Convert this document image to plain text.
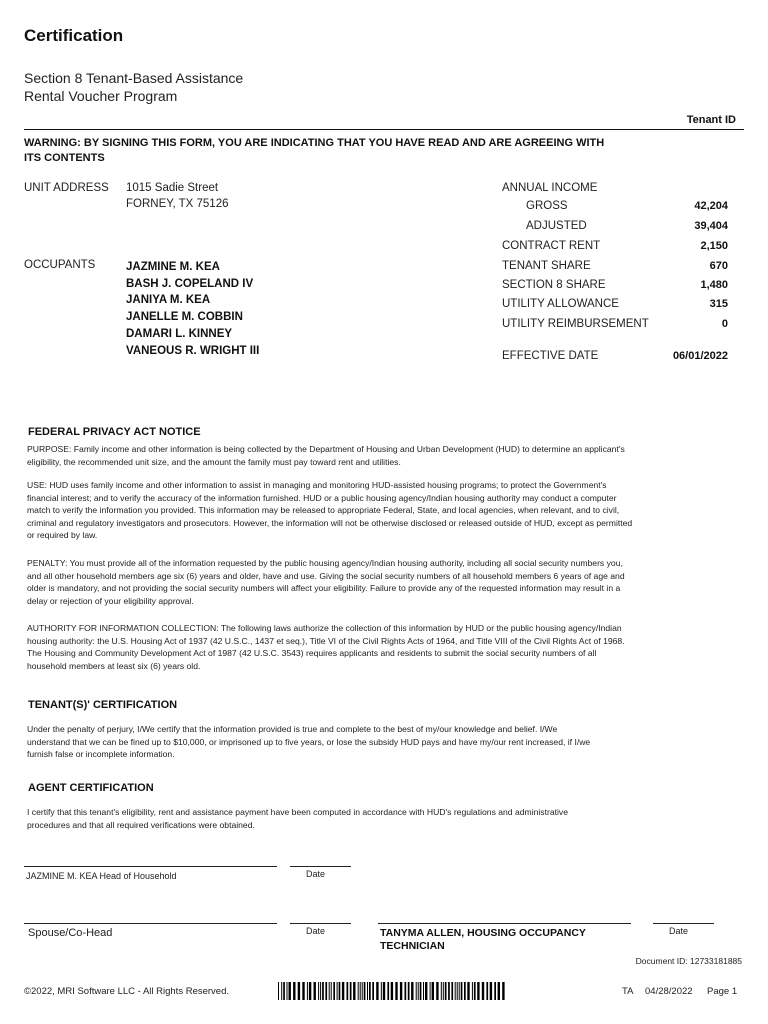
Certification
Section 8 Tenant-Based Assistance
Rental Voucher Program
Tenant ID
WARNING: BY SIGNING THIS FORM, YOU ARE INDICATING THAT YOU HAVE READ AND ARE AGREEING WITH ITS CONTENTS
UNIT ADDRESS 1015 Sadie Street
FORNEY, TX 75126
OCCUPANTS	JAZMINE M. KEA
BASH J. COPELAND IV
JANIYA M. KEA
JANELLE M. COBBIN
DAMARI L. KINNEY
VANEOUS R. WRIGHT III
ANNUAL INCOME
GROSS	42,204
ADJUSTED	39,404
CONTRACT RENT	2,150
TENANT SHARE	670
SECTION 8 SHARE	1,480
UTILITY ALLOWANCE	315
UTILITY REIMBURSEMENT	0
EFFECTIVE DATE	06/01/2022
FEDERAL PRIVACY ACT NOTICE
PURPOSE: Family income and other information is being collected by the Department of Housing and Urban Development (HUD) to determine an applicant's eligibility, the recommended unit size, and the amount the family must pay toward rent and utilities.
USE: HUD uses family income and other information to assist in managing and monitoring HUD-assisted housing programs; to protect the Government's financial interest; and to verify the accuracy of the information furnished. HUD or a public housing agency/Indian housing authority may conduct a computer match to verify the information you provided. This information may be released to appropriate Federal, State, and local agencies, when relevant, and to civil, criminal and regulatory investigators and prosecutors. However, the information will not be otherwise disclosed or released outside of HUD, except as permitted or required by law.
PENALTY: You must provide all of the information requested by the public housing agency/Indian housing authority, including all social security numbers you, and all other household members age six (6) years and older, have and use. Giving the social security numbers of all household members 6 years of age and older is mandatory, and not providing the social security numbers will affect your eligibility. Failure to provide any of the requested information may result in a delay or rejection of your eligibility approval.
AUTHORITY FOR INFORMATION COLLECTION: The following laws authorize the collection of this information by HUD or the public housing agency/Indian housing authority: the U.S. Housing Act of 1937 (42 U.S.C., 1437 et seq.), Title VI of the Civil Rights Acts of 1964, and Title VIII of the Civil Rights Act of 1968. The Housing and Community Development Act of 1987 (42 U.S.C. 3543) requires applicants and residents to submit the social security numbers of all household members at least six (6) years old.
TENANT(S)' CERTIFICATION
Under the penalty of perjury, I/We certify that the information provided is true and complete to the best of my/our knowledge and belief. I/We understand that we can be fined up to $10,000, or imprisoned up to five years, or lose the subsidy HUD pays and have my/our rent increased, if I/we furnish false or incomplete information.
AGENT CERTIFICATION
I certify that this tenant's eligibility, rent and assistance payment have been computed in accordance with HUD's regulations and administrative procedures and that all required verifications were obtained.
JAZMINE M. KEA Head of Household	Date
Spouse/Co-Head	Date	TANYMA ALLEN, HOUSING OCCUPANCY
TECHNICIAN
Date
Document ID: 12733181885
©2022, MRI Software LLC - All Rights Reserved.	TA 04/28/2022 Page 1
